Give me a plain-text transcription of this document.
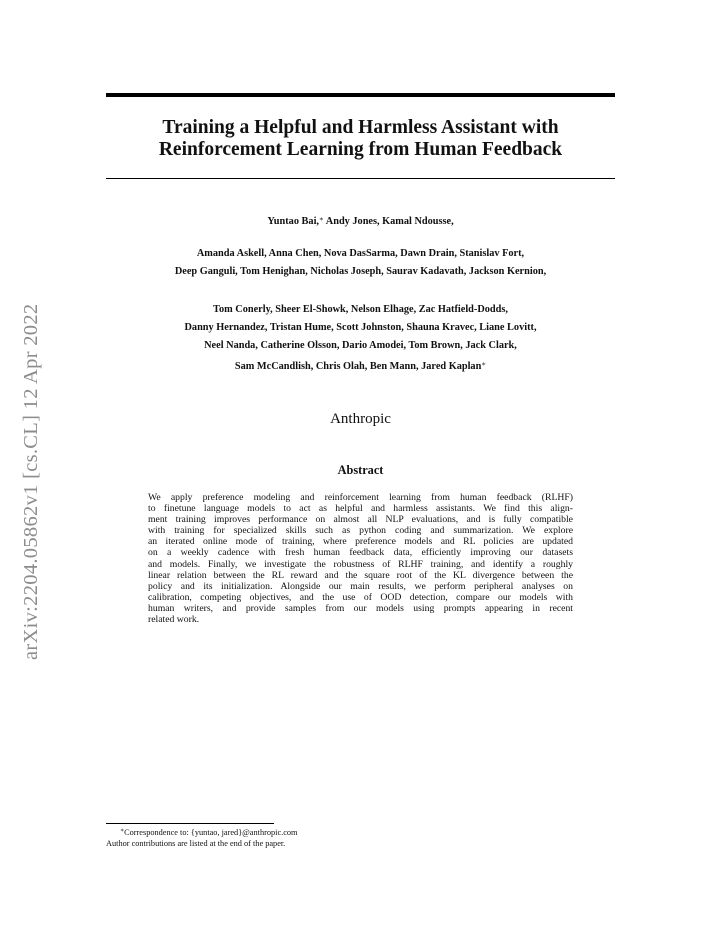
arXiv:2204.05862v1 [cs.CL] 12 Apr 2022
Training a Helpful and Harmless Assistant with
Reinforcement Learning from Human Feedback
Yuntao Bai,∗ Andy Jones, Kamal Ndousse,
Amanda Askell, Anna Chen, Nova DasSarma, Dawn Drain, Stanislav Fort,
Deep Ganguli, Tom Henighan, Nicholas Joseph, Saurav Kadavath, Jackson Kernion,
Tom Conerly, Sheer El-Showk, Nelson Elhage, Zac Hatfield-Dodds,
Danny Hernandez, Tristan Hume, Scott Johnston, Shauna Kravec, Liane Lovitt,
Neel Nanda, Catherine Olsson, Dario Amodei, Tom Brown, Jack Clark,
Sam McCandlish, Chris Olah, Ben Mann, Jared Kaplan∗
Anthropic
Abstract
We apply preference modeling and reinforcement learning from human feedback (RLHF)
to finetune language models to act as helpful and harmless assistants. We find this align-
ment training improves performance on almost all NLP evaluations, and is fully compatible
with training for specialized skills such as python coding and summarization. We explore
an iterated online mode of training, where preference models and RL policies are updated
on a weekly cadence with fresh human feedback data, efficiently improving our datasets
and models. Finally, we investigate the robustness of RLHF training, and identify a roughly
linear relation between the RL reward and the square root of the KL divergence between the
policy and its initialization. Alongside our main results, we perform peripheral analyses on
calibration, competing objectives, and the use of OOD detection, compare our models with
human writers, and provide samples from our models using prompts appearing in recent
related work.
∗Correspondence to: {yuntao, jared}@anthropic.com
Author contributions are listed at the end of the paper.
